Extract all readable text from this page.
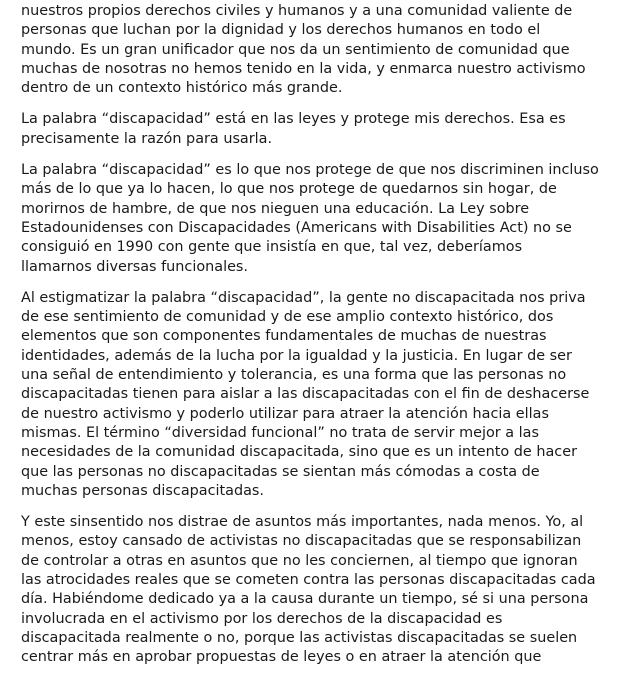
nuestros propios derechos civiles y humanos y a una comunidad valiente de
personas que luchan por la dignidad y los derechos humanos en todo el
mundo. Es un gran unificador que nos da un sentimiento de comunidad que
muchas de nosotras no hemos tenido en la vida, y enmarca nuestro activismo
dentro de un contexto histórico más grande.

La palabra “discapacidad” está en las leyes y protege mis derechos. Esa es
precisamente la razón para usarla.

La palabra “discapacidad” es lo que nos protege de que nos discriminen incluso
más de lo que ya lo hacen, lo que nos protege de quedarnos sin hogar, de
morirnos de hambre, de que nos nieguen una educación. La Ley sobre
Estadounidenses con Discapacidades (Americans with Disabilities Act) no se
consiguió en 1990 con gente que insistía en que, tal vez, deberíamos
llamarnos diversas funcionales.

Al estigmatizar la palabra “discapacidad”, la gente no discapacitada nos priva
de ese sentimiento de comunidad y de ese amplio contexto histórico, dos
elementos que son componentes fundamentales de muchas de nuestras
identidades, además de la lucha por la igualdad y la justicia. En lugar de ser
una señal de entendimiento y tolerancia, es una forma que las personas no
discapacitadas tienen para aislar a las discapacitadas con el fin de deshacerse
de nuestro activismo y poderlo utilizar para atraer la atención hacia ellas
mismas. El término “diversidad funcional” no trata de servir mejor a las
necesidades de la comunidad discapacitada, sino que es un intento de hacer
que las personas no discapacitadas se sientan más cómodas a costa de
muchas personas discapacitadas.

Y este sinsentido nos distrae de asuntos más importantes, nada menos. Yo, al
menos, estoy cansado de activistas no discapacitadas que se responsabilizan
de controlar a otras en asuntos que no les conciernen, al tiempo que ignoran
las atrocidades reales que se cometen contra las personas discapacitadas cada
día. Habiéndome dedicado ya a la causa durante un tiempo, sé si una persona
involucrada en el activismo por los derechos de la discapacidad es
discapacitada realmente o no, porque las activistas discapacitadas se suelen
centrar más en aprobar propuestas de leyes o en atraer la atención que
